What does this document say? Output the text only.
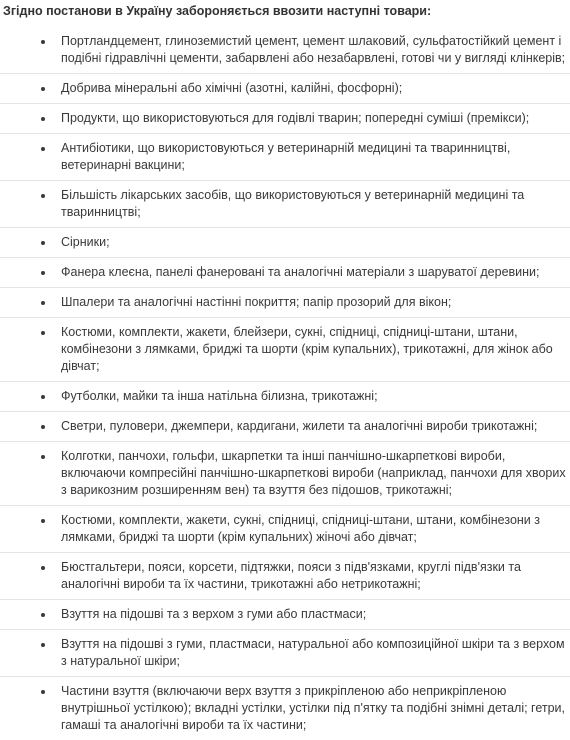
Згідно постанови в Україну забороняється ввозити наступні товари:
Портландцемент, глиноземистий цемент, цемент шлаковий, сульфатостійкий цемент і подібні гідравлічні цементи, забарвлені або незабарвлені, готові чи у вигляді клінкерів;
Добрива мінеральні або хімічні (азотні, калійні, фосфорні);
Продукти, що використовуються для годівлі тварин; попередні суміші (премікси);
Антибіотики, що використовуються у ветеринарній медицині та тваринництві, ветеринарні вакцини;
Більшість лікарських засобів, що використовуються у ветеринарній медицині та тваринництві;
Сірники;
Фанера клеєна, панелі фанеровані та аналогічні матеріали з шаруватої деревини;
Шпалери та аналогічні настінні покриття; папір прозорий для вікон;
Костюми, комплекти, жакети, блейзери, сукні, спідниці, спідниці-штани, штани, комбінезони з лямками, бриджі та шорти (крім купальних), трикотажні, для жінок або дівчат;
Футболки, майки та інша натільна білизна, трикотажні;
Светри, пуловери, джемпери, кардигани, жилети та аналогічні вироби трикотажні;
Колготки, панчохи, гольфи, шкарпетки та інші панчішно-шкарпеткові вироби, включаючи компресійні панчішно-шкарпеткові вироби (наприклад, панчохи для хворих з варикозним розширенням вен) та взуття без підошов, трикотажні;
Костюми, комплекти, жакети, сукні, спідниці, спідниці-штани, штани, комбінезони з лямками, бриджі та шорти (крім купальних) жіночі або дівчат;
Бюстгальтери, пояси, корсети, підтяжки, пояси з підв'язками, круглі підв'язки та аналогічні вироби та їх частини, трикотажні або нетрикотажні;
Взуття на підошві та з верхом з гуми або пластмаси;
Взуття на підошві з гуми, пластмаси, натуральної або композиційної шкіри та з верхом з натуральної шкіри;
Частини взуття (включаючи верх взуття з прикріпленою або неприкріпленою внутрішньої устілкою); вкладні устілки, устілки під п'ятку та подібні знімні деталі; гетри, гамаші та аналогічні вироби та їх частини;
